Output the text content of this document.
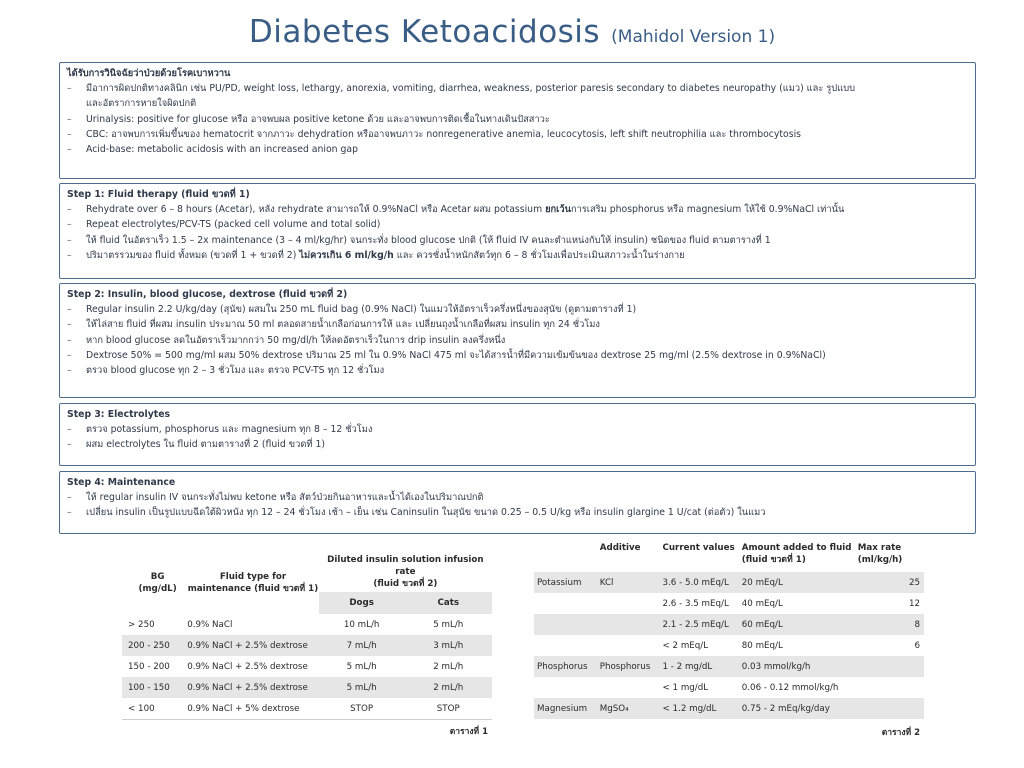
Diabetes Ketoacidosis (Mahidol Version 1)
ได้รับการวินิจฉัยว่าป่วยด้วยโรคเบาหวาน
–	มีอาการผิดปกติทางคลินิก เช่น PU/PD, weight loss, lethargy, anorexia, vomiting, diarrhea, weakness, posterior paresis secondary to diabetes neuropathy (แมว) และ รูปแบบ
และอัตราการหายใจผิดปกติ
–	Urinalysis: positive for glucose หรือ อาจพบผล positive ketone ด้วย และอาจพบการติดเชื้อในทางเดินปัสสาวะ
–	CBC: อาจพบการเพิ่มขึ้นของ hematocrit จากภาวะ dehydration หรืออาจพบภาวะ nonregenerative anemia, leucocytosis, left shift neutrophilia และ thrombocytosis
–	Acid-base: metabolic acidosis with an increased anion gap
Step 1: Fluid therapy (fluid ขวดที่ 1)
–	Rehydrate over 6 – 8 hours (Acetar), หลัง rehydrate สามารถให้ 0.9%NaCl หรือ Acetar ผสม potassium ยกเว้นการเสริม phosphorus หรือ magnesium ให้ใช้ 0.9%NaCl เท่านั้น
–	Repeat electrolytes/PCV-TS (packed cell volume and total solid)
–	ให้ fluid ในอัตราเร็ว 1.5 – 2x maintenance (3 – 4 ml/kg/hr) จนกระทั่ง blood glucose ปกติ (ให้ fluid IV คนละตำแหน่งกับให้ insulin) ชนิดของ fluid ตามตารางที่ 1
–	ปริมาตรรวมของ fluid ทั้งหมด (ขวดที่ 1 + ขวดที่ 2) ไม่ควรเกิน 6 ml/kg/h และ ควรชั่งน้ำหนักสัตว์ทุก 6 – 8 ชั่วโมงเพื่อประเมินสภาวะน้ำในร่างกาย
Step 2: Insulin, blood glucose, dextrose (fluid ขวดที่ 2)
–	Regular insulin 2.2 U/kg/day (สุนัข) ผสมใน 250 mL fluid bag (0.9% NaCl) ในแมวให้อัตราเร็วครึ่งหนึ่งของสุนัข (ดูตามตารางที่ 1)
–	ให้ไล่สาย fluid ที่ผสม insulin ประมาณ 50 ml ตลอดสายน้ำเกลือก่อนการให้ และ เปลี่ยนถุงน้ำเกลือที่ผสม insulin ทุก 24 ชั่วโมง
–	หาก blood glucose ลดในอัตราเร็วมากกว่า 50 mg/dl/h ให้ลดอัตราเร็วในการ drip insulin ลงครึ่งหนึ่ง
–	Dextrose 50% = 500 mg/ml ผสม 50% dextrose ปริมาณ 25 ml ใน 0.9% NaCl 475 ml จะได้สารน้ำที่มีความเข้มข้นของ dextrose 25 mg/ml (2.5% dextrose in 0.9%NaCl)
–	ตรวจ blood glucose ทุก 2 – 3 ชั่วโมง และ ตรวจ PCV-TS ทุก 12 ชั่วโมง
Step 3: Electrolytes
–	ตรวจ potassium, phosphorus และ magnesium ทุก 8 – 12 ชั่วโมง
–	ผสม electrolytes ใน fluid ตามตารางที่ 2 (fluid ขวดที่ 1)
Step 4: Maintenance
–	ให้ regular insulin IV จนกระทั่งไม่พบ ketone หรือ สัตว์ป่วยกินอาหารและน้ำได้เองในปริมาณปกติ
–	เปลี่ยน insulin เป็นรูปแบบฉีดใต้ผิวหนัง ทุก 12 – 24 ชั่วโมง เช้า – เย็น เช่น Caninsulin ในสุนัข ขนาด 0.25 – 0.5 U/kg หรือ insulin glargine 1 U/cat (ต่อตัว) ในแมว
BG
(mg/dL)	Fluid type for
maintenance (fluid ขวดที่ 1)	Diluted insulin solution infusion rate
(fluid ขวดที่ 2)	
		Dogs	Cats
> 250	0.9% NaCl	10 mL/h	5 mL/h
200 - 250	0.9% NaCl + 2.5% dextrose	7 mL/h	3 mL/h
150 - 200	0.9% NaCl + 2.5% dextrose	5 mL/h	2 mL/h
100 - 150	0.9% NaCl + 2.5% dextrose	5 mL/h	2 mL/h
< 100	0.9% NaCl + 5% dextrose	STOP	STOP
ตารางที่ 1			
	Additive	Current values	Amount added to fluid
(fluid ขวดที่ 1)	Max rate
(ml/kg/h)
Potassium	KCl	3.6 - 5.0 mEq/L	20 mEq/L	25
		2.6 - 3.5 mEq/L	40 mEq/L	12
		2.1 - 2.5 mEq/L	60 mEq/L	8
		< 2 mEq/L	80 mEq/L	6
Phosphorus	Phosphorus	1 - 2 mg/dL	0.03 mmol/kg/h	
		< 1 mg/dL	0.06 - 0.12 mmol/kg/h	
Magnesium	MgSO₄	< 1.2 mg/dL	0.75 - 2 mEq/kg/day	
ตารางที่ 2				
